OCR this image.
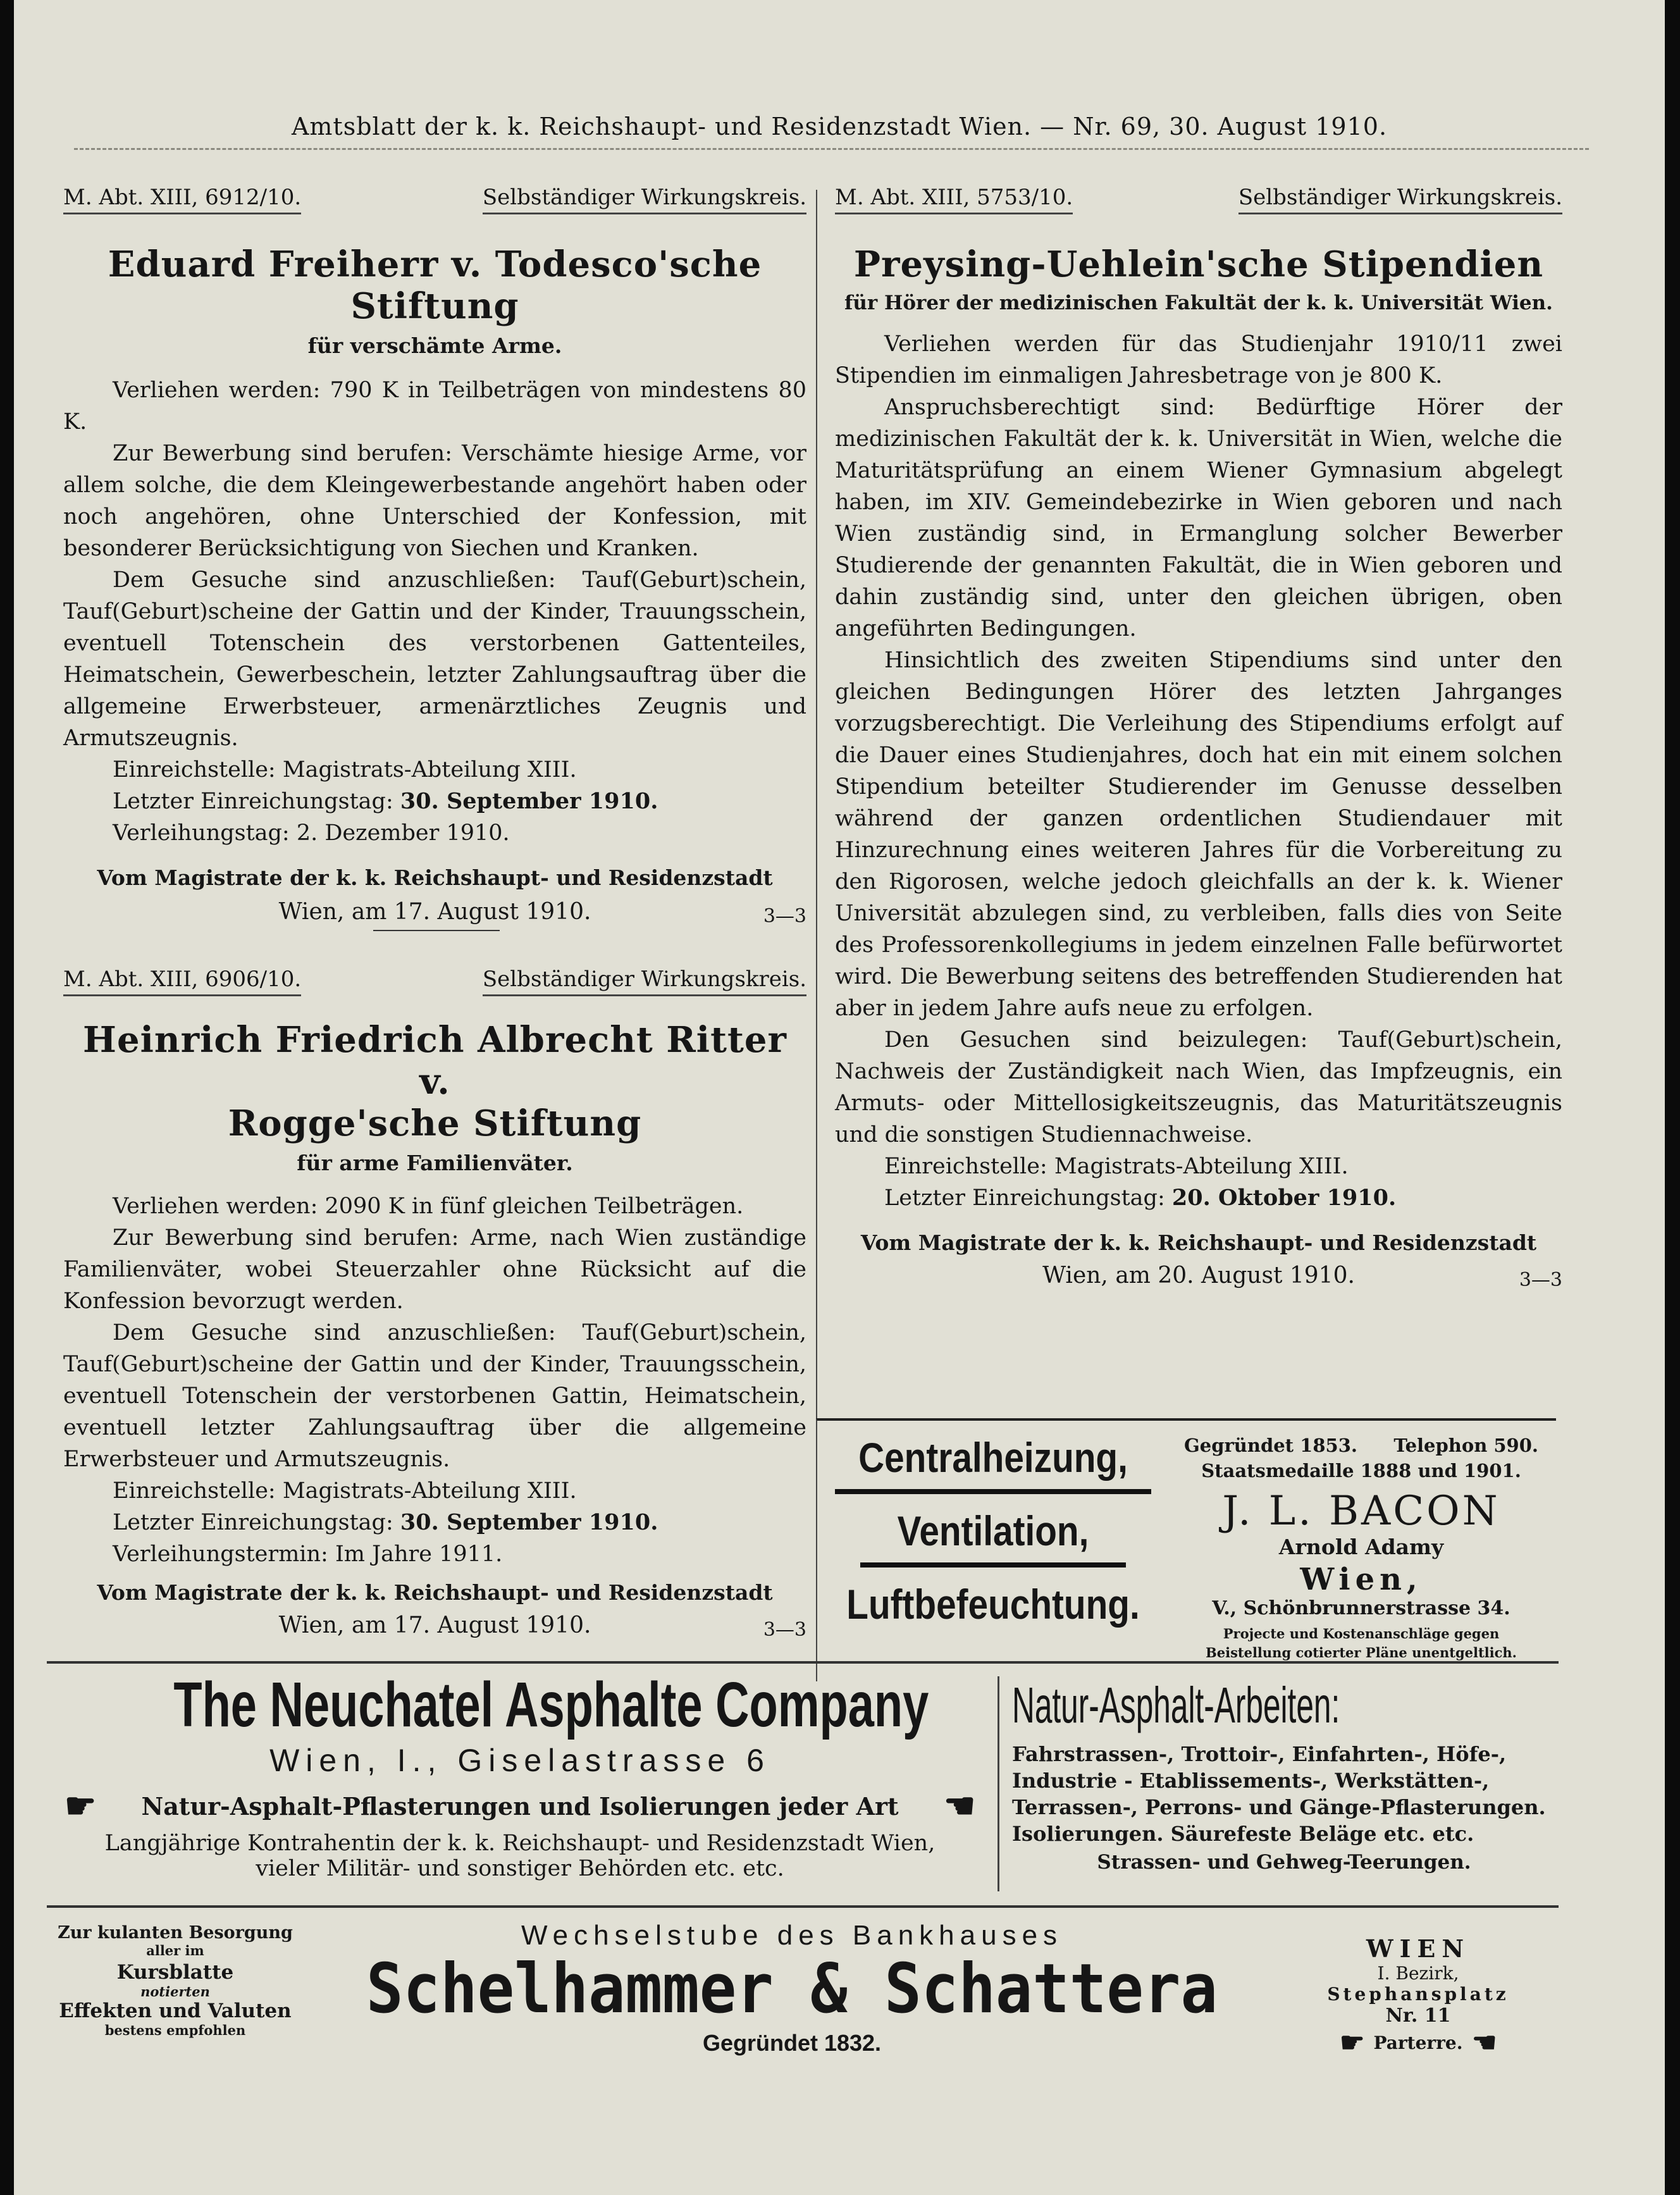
Amtsblatt der k. k. Reichshaupt- und Residenzstadt Wien. — Nr. 69, 30. August 1910.
M. Abt. XIII, 6912/10.	Selbständiger Wirkungskreis.
Eduard Freiherr v. Todesco'sche Stiftung
für verschämte Arme.

Verliehen werden: 790 K in Teilbeträgen von mindestens 80 K.

Zur Bewerbung sind berufen: Verschämte hiesige Arme, vor allem solche, die dem Kleingewerbestande angehört haben oder noch angehören, ohne Unterschied der Konfession, mit besonderer Berücksichtigung von Siechen und Kranken.

Dem Gesuche sind anzuschließen: Tauf(Geburt)schein, Tauf(Geburt)scheine der Gattin und der Kinder, Trauungsschein, eventuell Totenschein des verstorbenen Gattenteiles, Heimatschein, Gewerbeschein, letzter Zahlungsauftrag über die allgemeine Erwerbsteuer, armenärztliches Zeugnis und Armutszeugnis.

Einreichstelle: Magistrats-Abteilung XIII.
Letzter Einreichungstag: 30. September 1910.
Verleihungstag: 2. Dezember 1910.
Vom Magistrate der k. k. Reichshaupt- und Residenzstadt
Wien, am 17. August 1910.	3—3
M. Abt. XIII, 6906/10.	Selbständiger Wirkungskreis.
Heinrich Friedrich Albrecht Ritter v.
Rogge'sche Stiftung
für arme Familienväter.

Verliehen werden: 2090 K in fünf gleichen Teilbeträgen.

Zur Bewerbung sind berufen: Arme, nach Wien zuständige Familienväter, wobei Steuerzahler ohne Rücksicht auf die Konfession bevorzugt werden.

Dem Gesuche sind anzuschließen: Tauf(Geburt)schein, Tauf(Geburt)scheine der Gattin und der Kinder, Trauungsschein, eventuell Totenschein der verstorbenen Gattin, Heimatschein, eventuell letzter Zahlungsauftrag über die allgemeine Erwerbsteuer und Armutszeugnis.

Einreichstelle: Magistrats-Abteilung XIII.
Letzter Einreichungstag: 30. September 1910.
Verleihungstermin: Im Jahre 1911.
Vom Magistrate der k. k. Reichshaupt- und Residenzstadt
Wien, am 17. August 1910.	3—3
M. Abt. XIII, 5753/10.	Selbständiger Wirkungskreis.
Preysing-Uehlein'sche Stipendien
für Hörer der medizinischen Fakultät der k. k. Universität Wien.

Verliehen werden für das Studienjahr 1910/11 zwei Stipendien im einmaligen Jahresbetrage von je 800 K.

Anspruchsberechtigt sind: Bedürftige Hörer der medizinischen Fakultät der k. k. Universität in Wien, welche die Maturitätsprüfung an einem Wiener Gymnasium abgelegt haben, im XIV. Gemeindebezirke in Wien geboren und nach Wien zuständig sind, in Ermanglung solcher Bewerber Studierende der genannten Fakultät, die in Wien geboren und dahin zuständig sind, unter den gleichen übrigen, oben angeführten Bedingungen.

Hinsichtlich des zweiten Stipendiums sind unter den gleichen Bedingungen Hörer des letzten Jahrganges vorzugsberechtigt. Die Verleihung des Stipendiums erfolgt auf die Dauer eines Studienjahres, doch hat ein mit einem solchen Stipendium beteilter Studierender im Genusse desselben während der ganzen ordentlichen Studiendauer mit Hinzurechnung eines weiteren Jahres für die Vorbereitung zu den Rigorosen, welche jedoch gleichfalls an der k. k. Wiener Universität abzulegen sind, zu verbleiben, falls dies von Seite des Professorenkollegiums in jedem einzelnen Falle befürwortet wird. Die Bewerbung seitens des betreffenden Studierenden hat aber in jedem Jahre aufs neue zu erfolgen.

Den Gesuchen sind beizulegen: Tauf(Geburt)schein, Nachweis der Zuständigkeit nach Wien, das Impfzeugnis, ein Armuts- oder Mittellosigkeitszeugnis, das Maturitätszeugnis und die sonstigen Studiennachweise.

Einreichstelle: Magistrats-Abteilung XIII.
Letzter Einreichungstag: 20. Oktober 1910.
Vom Magistrate der k. k. Reichshaupt- und Residenzstadt
Wien, am 20. August 1910.	3—3
Centralheizung,
Ventilation,
Luftbefeuchtung.
Gegründet 1853. Telephon 590.
Staatsmedaille 1888 und 1901.
J. L. BACON
Arnold Adamy
Wien,
V., Schönbrunnerstrasse 34.
Projecte und Kostenanschläge gegen Beistellung cotierter Pläne unentgeltlich.
The Neuchatel Asphalte Company
Wien, I., Giselastrasse 6
☛ Natur-Asphalt-Pflasterungen und Isolierungen jeder Art ☛
Langjährige Kontrahentin der k. k. Reichshaupt- und Residenzstadt Wien,
vieler Militär- und sonstiger Behörden etc. etc.
Natur-Asphalt-Arbeiten:
Fahrstrassen-, Trottoir-, Einfahrten-, Höfe-, Industrie - Etablissements-, Werkstätten-, Terrassen-, Perrons- und Gänge-Pflasterungen. Isolierungen. Säurefeste Beläge etc. etc.
Strassen- und Gehweg-Teerungen.
Zur kulanten Besorgung
aller im
Kursblatte
notierten
Effekten und Valuten
bestens empfohlen
Wechselstube des Bankhauses
Schelhammer & Schattera
Gegründet 1832.
WIEN
I. Bezirk,
Stephansplatz
Nr. 11
☛ Parterre. ☛
